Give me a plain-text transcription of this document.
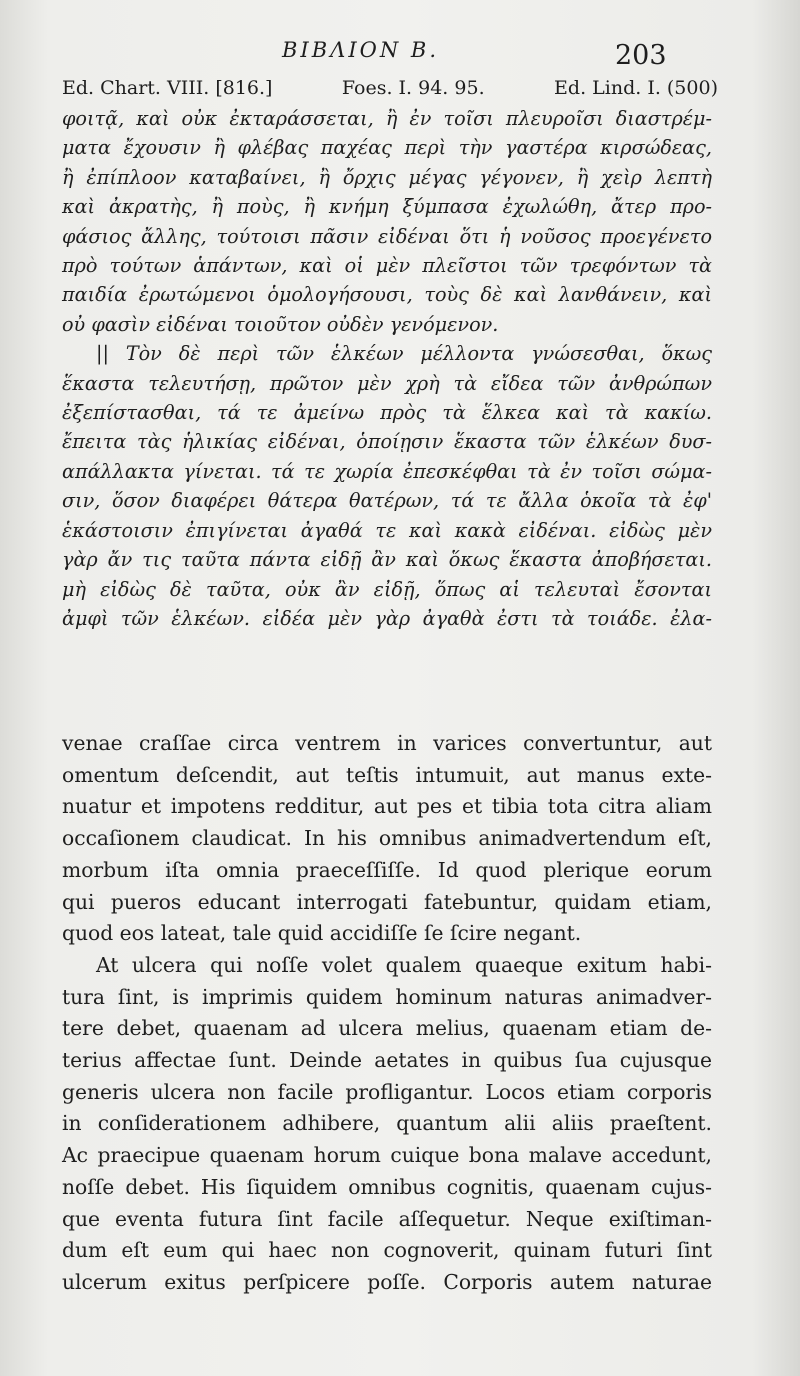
ΒΙΒΛΙΟΝ Β.	203
Ed. Chart. VIII. [816.]	Foes. I. 94. 95.	Ed. Lind. I. (500)
φοιτᾷ, καὶ οὐκ ἐκταράσσεται, ἢ ἐν τοῖσι πλευροῖσι διαστρέμ-
ματα ἔχουσιν ἢ φλέβας παχέας περὶ τὴν γαστέρα κιρσώδεας,
ἢ ἐπίπλοον καταβαίνει, ἢ ὄρχις μέγας γέγονεν, ἢ χεὶρ λεπτὴ
καὶ ἀκρατὴς, ἢ ποὺς, ἢ κνήμη ξύμπασα ἐχωλώθη, ἄτερ προ-
φάσιος ἄλλης, τούτοισι πᾶσιν εἰδέναι ὅτι ἡ νοῦσος προεγένετο
πρὸ τούτων ἁπάντων, καὶ οἱ μὲν πλεῖστοι τῶν τρεφόντων τὰ
παιδία ἐρωτώμενοι ὁμολογήσουσι, τοὺς δὲ καὶ λανθάνειν, καὶ
οὐ φασὶν εἰδέναι τοιοῦτον οὐδὲν γενόμενον.
|| Τὸν δὲ περὶ τῶν ἑλκέων μέλλοντα γνώσεσθαι, ὅκως
ἕκαστα τελευτήσῃ, πρῶτον μὲν χρὴ τὰ εἴδεα τῶν ἀνθρώπων
ἐξεπίστασθαι, τά τε ἀμείνω πρὸς τὰ ἕλκεα καὶ τὰ κακίω.
ἔπειτα τὰς ἡλικίας εἰδέναι, ὁποίῃσιν ἕκαστα τῶν ἑλκέων δυσ-
απάλλακτα γίνεται. τά τε χωρία ἐπεσκέφθαι τὰ ἐν τοῖσι σώμα-
σιν, ὅσον διαφέρει θάτερα θατέρων, τά τε ἄλλα ὁκοῖα τὰ ἐφ'
ἑκάστοισιν ἐπιγίνεται ἀγαθά τε καὶ κακὰ εἰδέναι. εἰδὼς μὲν
γὰρ ἄν τις ταῦτα πάντα εἰδῇ ἂν καὶ ὅκως ἕκαστα ἀποβήσεται.
μὴ εἰδὼς δὲ ταῦτα, οὐκ ἂν εἰδῇ, ὅπως αἱ τελευταὶ ἔσονται
ἀμφὶ τῶν ἑλκέων. εἰδέα μὲν γὰρ ἀγαθὰ ἐστι τὰ τοιάδε. ἐλα-
venae craſſae circa ventrem in varices convertuntur, aut
omentum deſcendit, aut teſtis intumuit, aut manus exte-
nuatur et impotens redditur, aut pes et tibia tota citra aliam
occaſionem claudicat. In his omnibus animadvertendum eſt,
morbum iſta omnia praeceſſiſſe. Id quod plerique eorum
qui pueros educant interrogati fatebuntur, quidam etiam,
quod eos lateat, tale quid accidiſſe ſe ſcire negant.
At ulcera qui noſſe volet qualem quaeque exitum habi-
tura ſint, is imprimis quidem hominum naturas animadver-
tere debet, quaenam ad ulcera melius, quaenam etiam de-
terius affectae ſunt. Deinde aetates in quibus ſua cujusque
generis ulcera non facile profligantur. Locos etiam corporis
in conſiderationem adhibere, quantum alii aliis praeſtent.
Ac praecipue quaenam horum cuique bona malave accedunt,
noſſe debet. His ſiquidem omnibus cognitis, quaenam cujus-
que eventa futura ſint facile aſſequetur. Neque exiſtiman-
dum eſt eum qui haec non cognoverit, quinam futuri ſint
ulcerum exitus perſpicere poſſe. Corporis autem naturae
